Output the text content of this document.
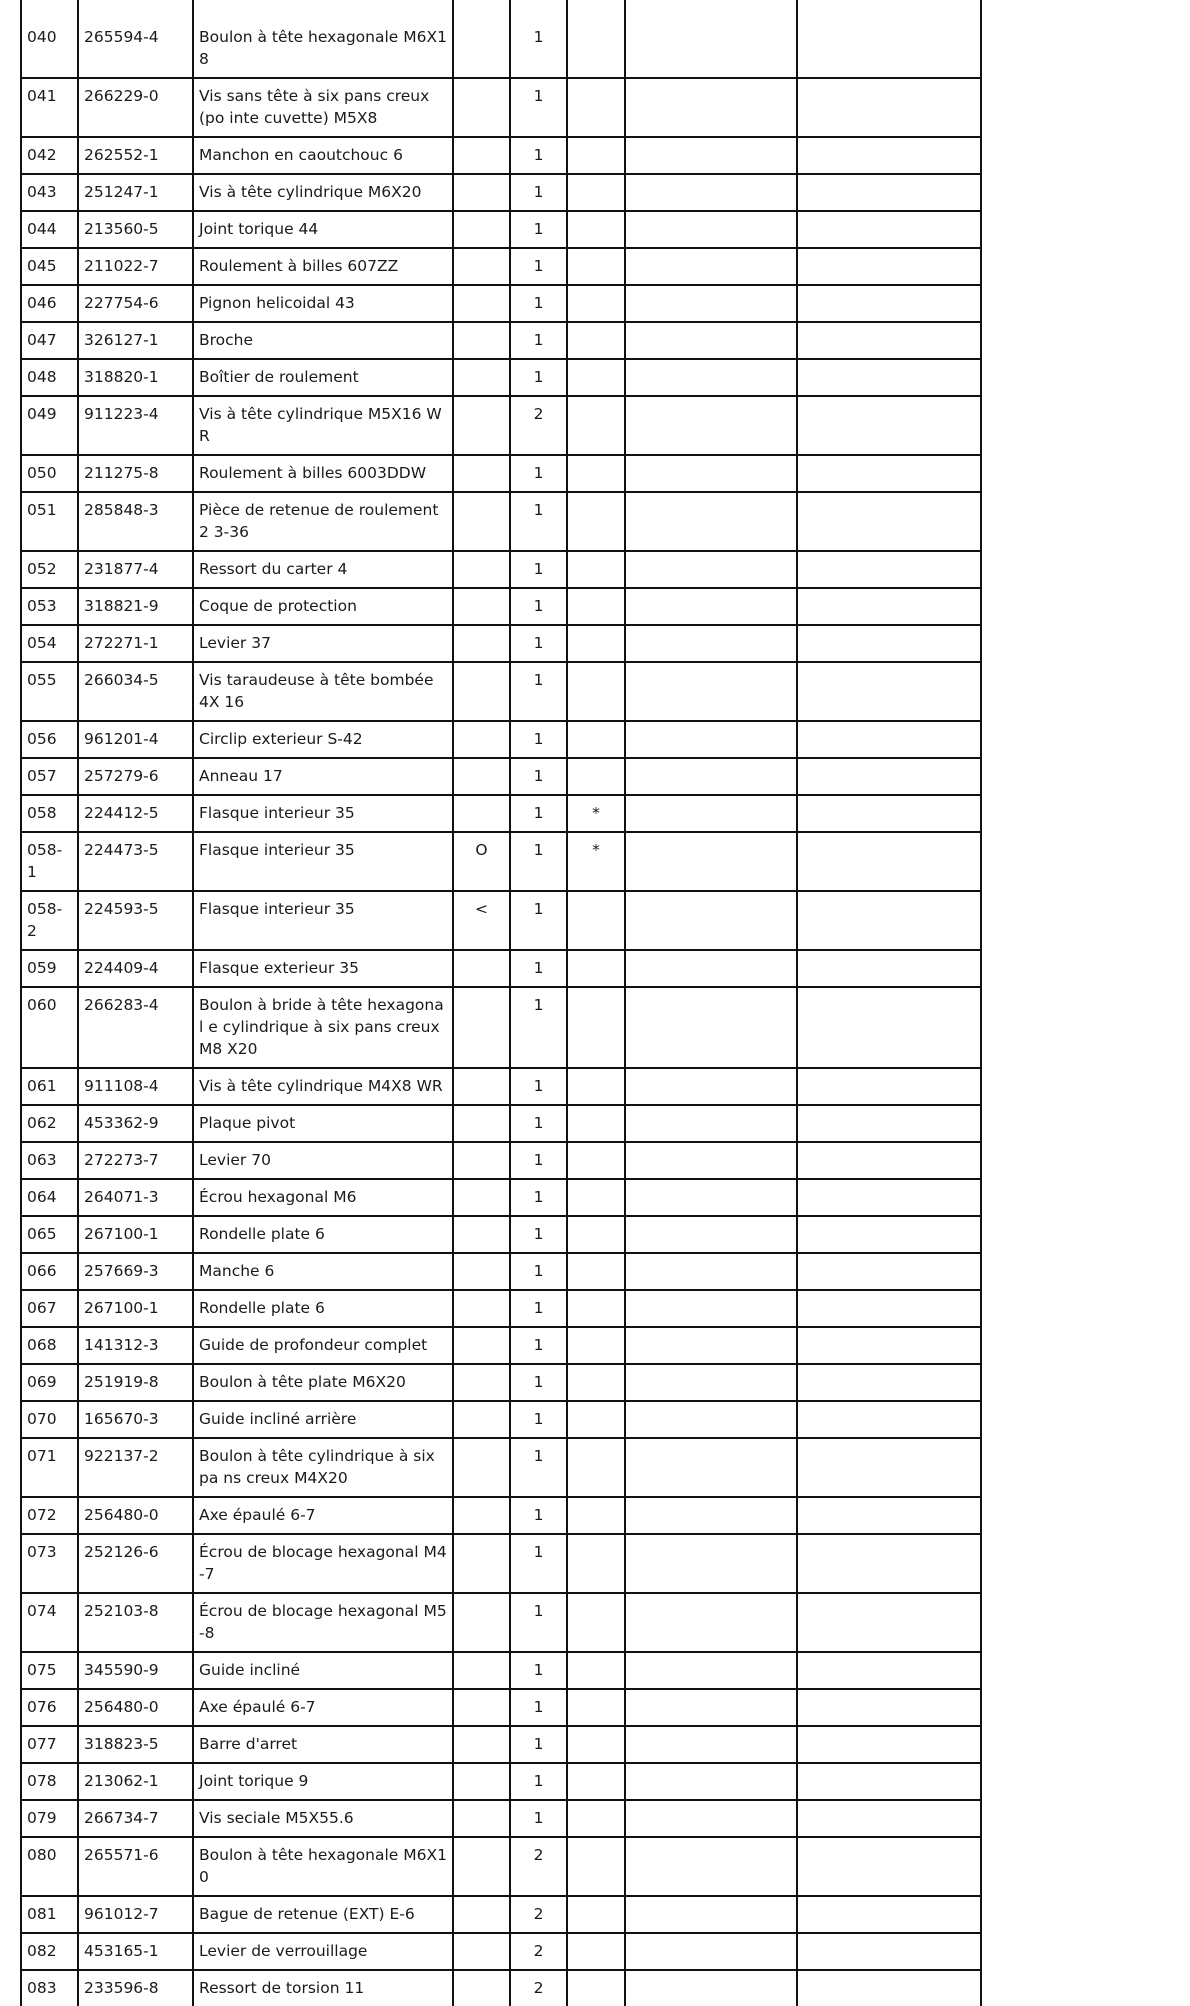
040	265594-4	Boulon à tête hexagonale M6X18		1			
041	266229-0	Vis sans tête à six pans creux (po inte cuvette) M5X8		1			
042	262552-1	Manchon en caoutchouc 6		1			
043	251247-1	Vis à tête cylindrique M6X20		1			
044	213560-5	Joint torique 44		1			
045	211022-7	Roulement à billes 607ZZ		1			
046	227754-6	Pignon helicoidal 43		1			
047	326127-1	Broche		1			
048	318820-1	Boîtier de roulement		1			
049	911223-4	Vis à tête cylindrique M5X16 WR		2			
050	211275-8	Roulement à billes 6003DDW		1			
051	285848-3	Pièce de retenue de roulement 2 3-36		1			
052	231877-4	Ressort du carter 4		1			
053	318821-9	Coque de protection		1			
054	272271-1	Levier 37		1			
055	266034-5	Vis taraudeuse à tête bombée 4X 16		1			
056	961201-4	Circlip exterieur S-42		1			
057	257279-6	Anneau 17		1			
058	224412-5	Flasque interieur 35		1	*		
058-1	224473-5	Flasque interieur 35	O	1	*		
058-2	224593-5	Flasque interieur 35	<	1			
059	224409-4	Flasque exterieur 35		1			
060	266283-4	Boulon à bride à tête hexagonal e cylindrique à six pans creux M8 X20		1			
061	911108-4	Vis à tête cylindrique M4X8 WR		1			
062	453362-9	Plaque pivot		1			
063	272273-7	Levier 70		1			
064	264071-3	Écrou hexagonal M6		1			
065	267100-1	Rondelle plate 6		1			
066	257669-3	Manche 6		1			
067	267100-1	Rondelle plate 6		1			
068	141312-3	Guide de profondeur complet		1			
069	251919-8	Boulon à tête plate M6X20		1			
070	165670-3	Guide incliné arrière		1			
071	922137-2	Boulon à tête cylindrique à six pa ns creux M4X20		1			
072	256480-0	Axe épaulé 6-7		1			
073	252126-6	Écrou de blocage hexagonal M4-7		1			
074	252103-8	Écrou de blocage hexagonal M5-8		1			
075	345590-9	Guide incliné		1			
076	256480-0	Axe épaulé 6-7		1			
077	318823-5	Barre d'arret		1			
078	213062-1	Joint torique 9		1			
079	266734-7	Vis seciale M5X55.6		1			
080	265571-6	Boulon à tête hexagonale M6X10		2			
081	961012-7	Bague de retenue (EXT) E-6		2			
082	453165-1	Levier de verrouillage		2			
083	233596-8	Ressort de torsion 11		2			
